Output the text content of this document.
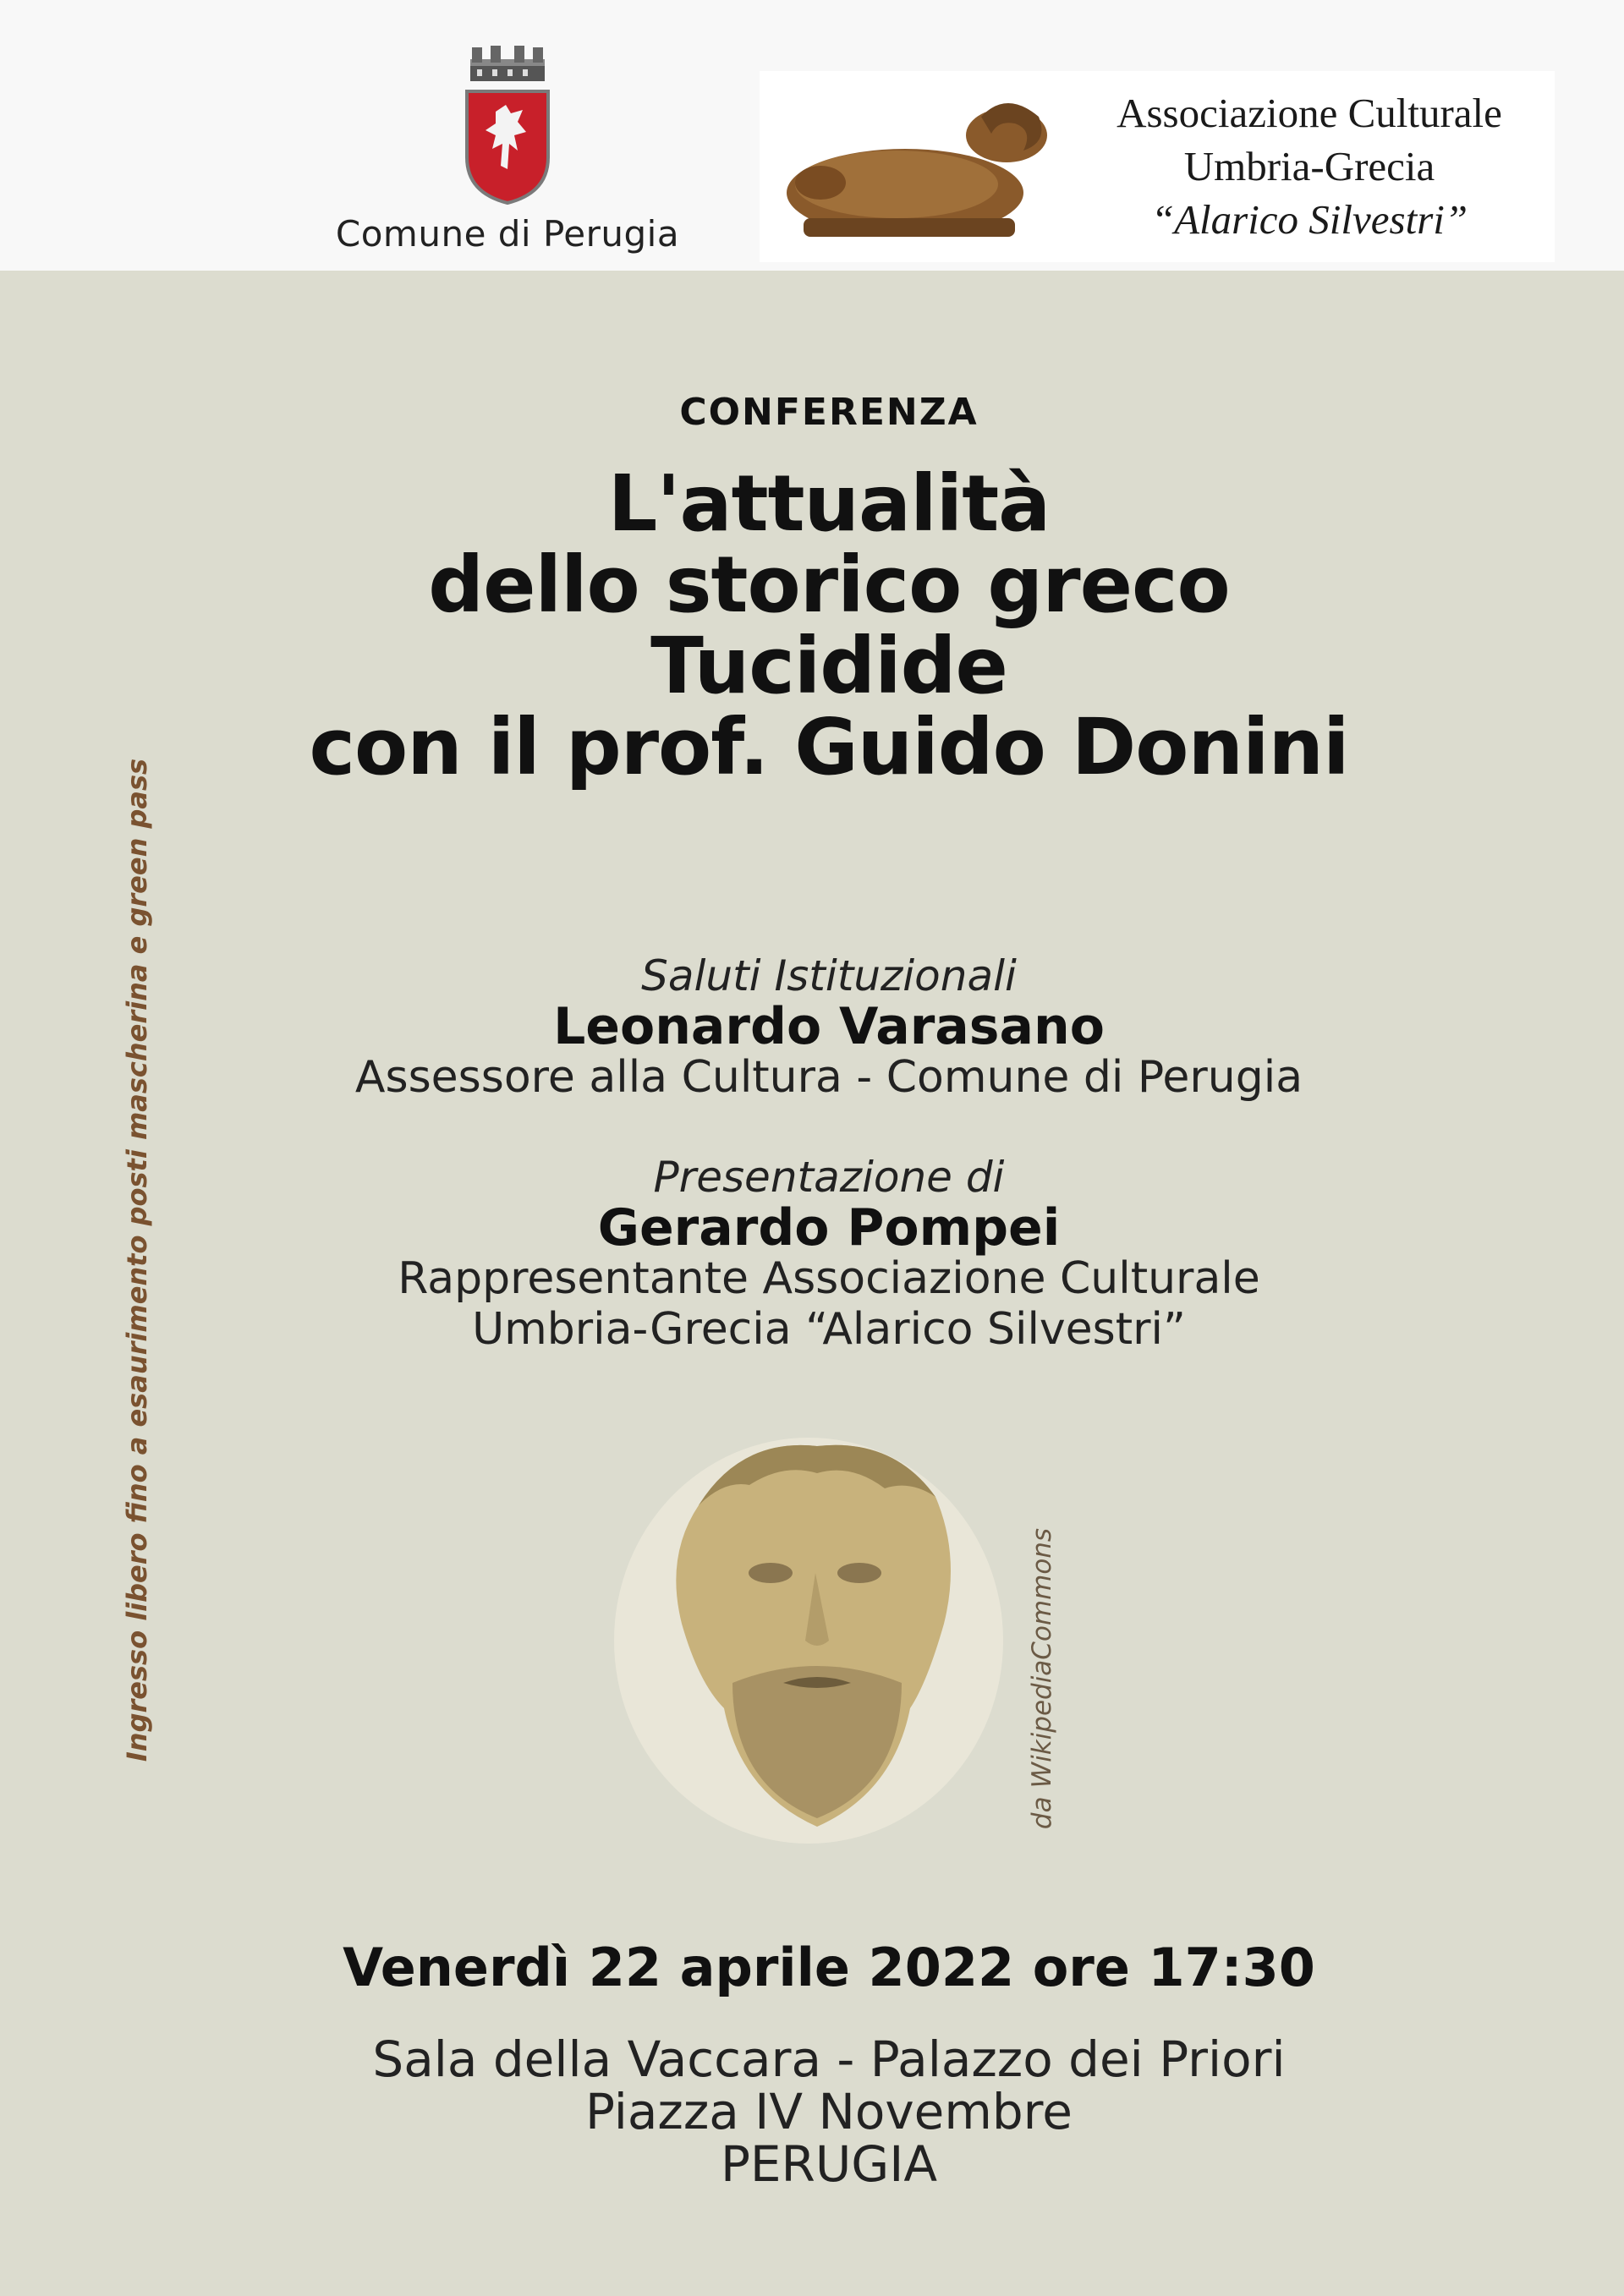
Comune di Perugia
Associazione Culturale
Umbria-Grecia
“Alarico Silvestri”
CONFERENZA
L'attualità
dello storico greco
Tucidide
con il prof. Guido Donini
Saluti Istituzionali
Leonardo Varasano
Assessore alla Cultura - Comune di Perugia
Presentazione di
Gerardo Pompei
Rappresentante Associazione Culturale
Umbria-Grecia “Alarico Silvestri”
Ingresso libero fino a esaurimento posti mascherina e green pass	da WikipediaCommons
Venerdì 22 aprile 2022 ore 17:30
Sala della Vaccara - Palazzo dei Priori
Piazza IV Novembre
PERUGIA
